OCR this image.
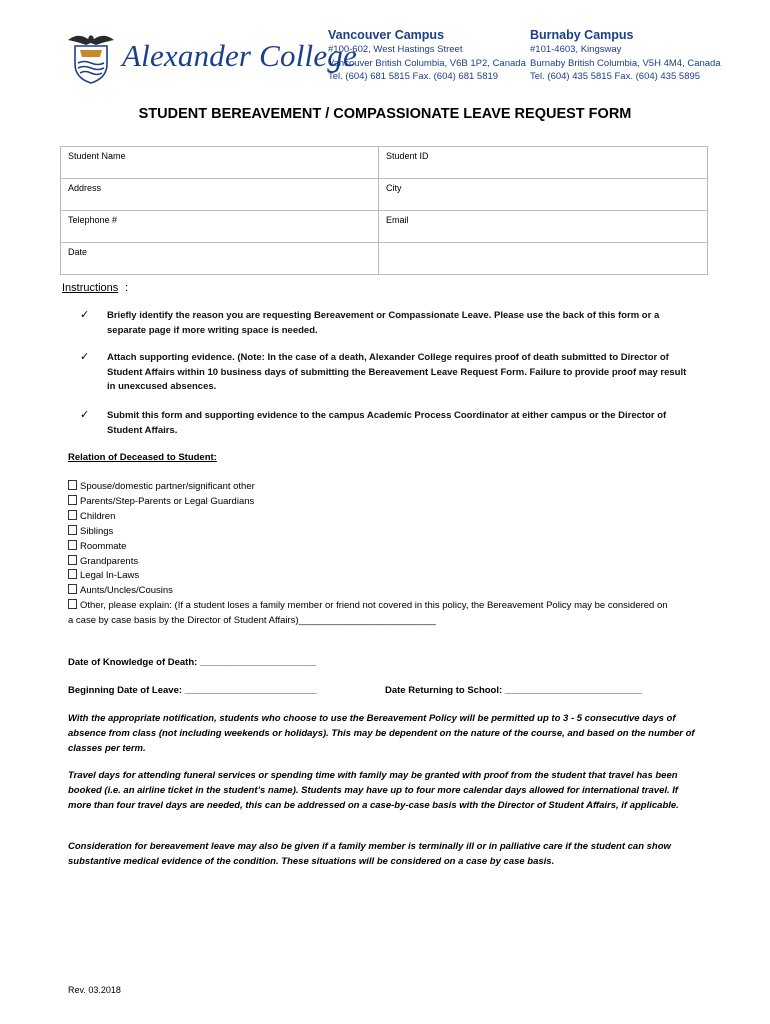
Alexander College
Vancouver Campus
#100-602, West Hastings Street
Vancouver British Columbia, V6B 1P2, Canada
Tel. (604) 681 5815 Fax. (604) 681 5819
Burnaby Campus
#101-4603, Kingsway
Burnaby British Columbia, V5H 4M4, Canada
Tel. (604) 435 5815 Fax. (604) 435 5895
STUDENT BEREAVEMENT / COMPASSIONATE LEAVE REQUEST FORM
Student Name	Student ID
Address	City
Telephone #	Email
Date	
Instructions :
✓ Briefly identify the reason you are requesting Bereavement or Compassionate Leave. Please use the back of this form or a separate page if more writing space is needed.
✓ Attach supporting evidence. (Note: In the case of a death, Alexander College requires proof of death submitted to Director of Student Affairs within 10 business days of submitting the Bereavement Leave Request Form. Failure to provide proof may result in unexcused absences.
✓ Submit this form and supporting evidence to the campus Academic Process Coordinator at either campus or the Director of Student Affairs.
Relation of Deceased to Student:
Spouse/domestic partner/significant other
Parents/Step-Parents or Legal Guardians
Children
Siblings
Roommate
Grandparents
Legal In-Laws
Aunts/Uncles/Cousins
Other, please explain: (If a student loses a family member or friend not covered in this policy, the Bereavement Policy may be considered on a case by case basis by the Director of Student Affairs)__________________________
Date of Knowledge of Death: ______________________
Beginning Date of Leave: _________________________	Date Returning to School: __________________________
With the appropriate notification, students who choose to use the Bereavement Policy will be permitted up to 3 - 5 consecutive days of absence from class (not including weekends or holidays). This may be dependent on the nature of the course, and based on the number of classes per term.
Travel days for attending funeral services or spending time with family may be granted with proof from the student that travel has been booked (i.e. an airline ticket in the student’s name). Students may have up to four more calendar days allowed for international travel. If more than four travel days are needed, this can be addressed on a case-by-case basis with the Director of Student Affairs, if applicable.
Consideration for bereavement leave may also be given if a family member is terminally ill or in palliative care if the student can show substantive medical evidence of the condition. These situations will be considered on a case by case basis.
Rev. 03.2018
